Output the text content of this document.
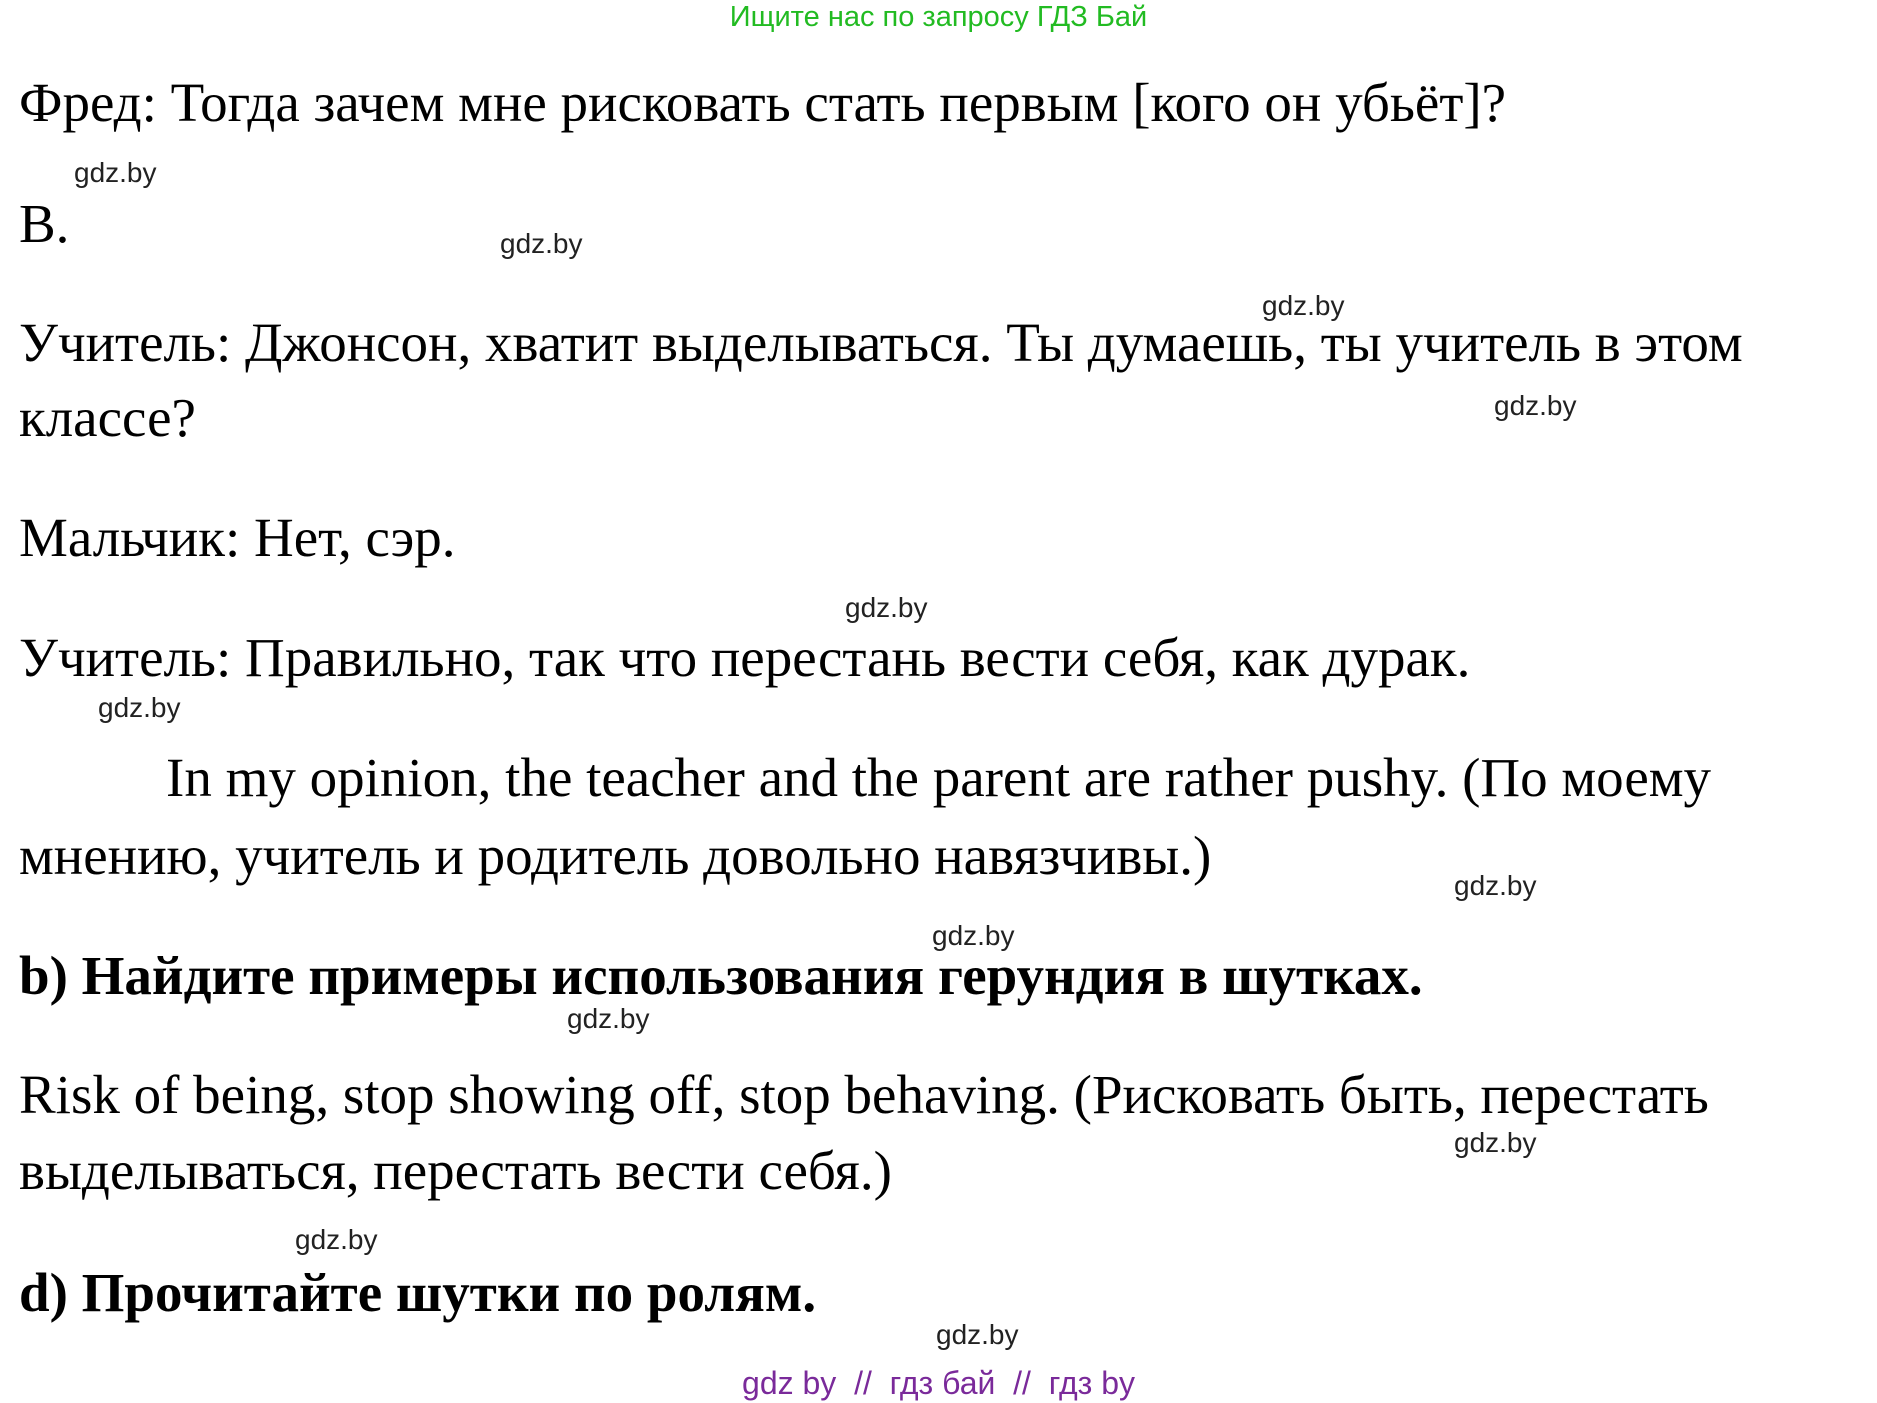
Ищите нас по запросу ГДЗ Бай
Фред: Тогда зачем мне рисковать стать первым [кого он убьёт]?
B.
Учитель: Джонсон, хватит выделываться. Ты думаешь, ты учитель в этом
классе?
Мальчик: Нет, сэр.
Учитель: Правильно, так что перестань вести себя, как дурак.
In my opinion, the teacher and the parent are rather pushy. (По моему
мнению, учитель и родитель довольно навязчивы.)
b) Найдите примеры использования герундия в шутках.
Risk of being, stop showing off, stop behaving. (Рисковать быть, перестать
выделываться, перестать вести себя.)
d) Прочитайте шутки по ролям.
gdz.by
gdz.by
gdz.by
gdz.by
gdz.by
gdz.by
gdz.by
gdz.by
gdz.by
gdz.by
gdz.by
gdz.by
gdz by  //  гдз бай  //  гдз by
